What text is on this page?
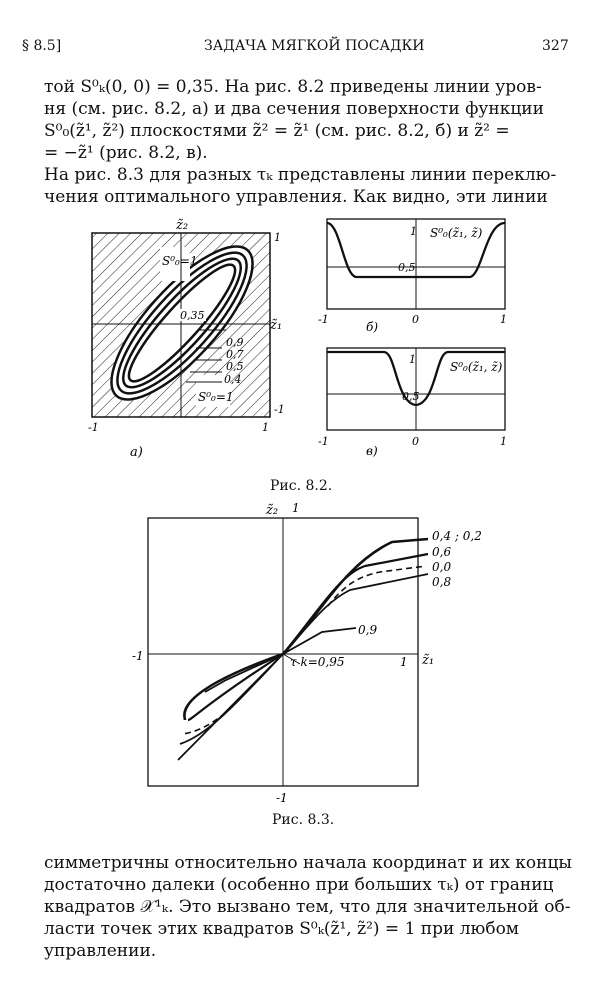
§ 8.5]	ЗАДАЧА МЯГКОЙ ПОСАДКИ	327
той S⁰ₖ(0, 0) = 0,35. На рис. 8.2 приведены линии уров-
ня (см. рис. 8.2, а) и два сечения поверхности функции
S⁰₀(z̃¹, z̃²) плоскостями z̃² = z̃¹ (см. рис. 8.2, б) и z̃² =
= −z̃¹ (рис. 8.2, в).
На рис. 8.3 для разных τₖ представлены линии переклю-
чения оптимального управления. Как видно, эти линии
z̃₂
z̃₁
1
-1
-1	1
S⁰₀=1
S⁰₀=1
0,35
0,9
0,7
0,5
0,4
а)
1
0,5
S⁰₀(z̃₁, z̃)
-1	0	1
б)
1
0,5
S⁰₀(z̃₁, z̃)
-1	0	1
в)
Рис. 8.2.
z̃₂ 1
z̃₁
1
-1
-1
0,4 ; 0,2
0,6
0,0
0,8
0,9
τ k=0,95
Рис. 8.3.
симметричны относительно начала координат и их концы
достаточно далеки (особенно при больших τₖ) от границ
квадратов 𝒳¹ₖ. Это вызвано тем, что для значительной об-
ласти точек этих квадратов S⁰ₖ(z̃¹, z̃²) = 1 при любом
управлении.
